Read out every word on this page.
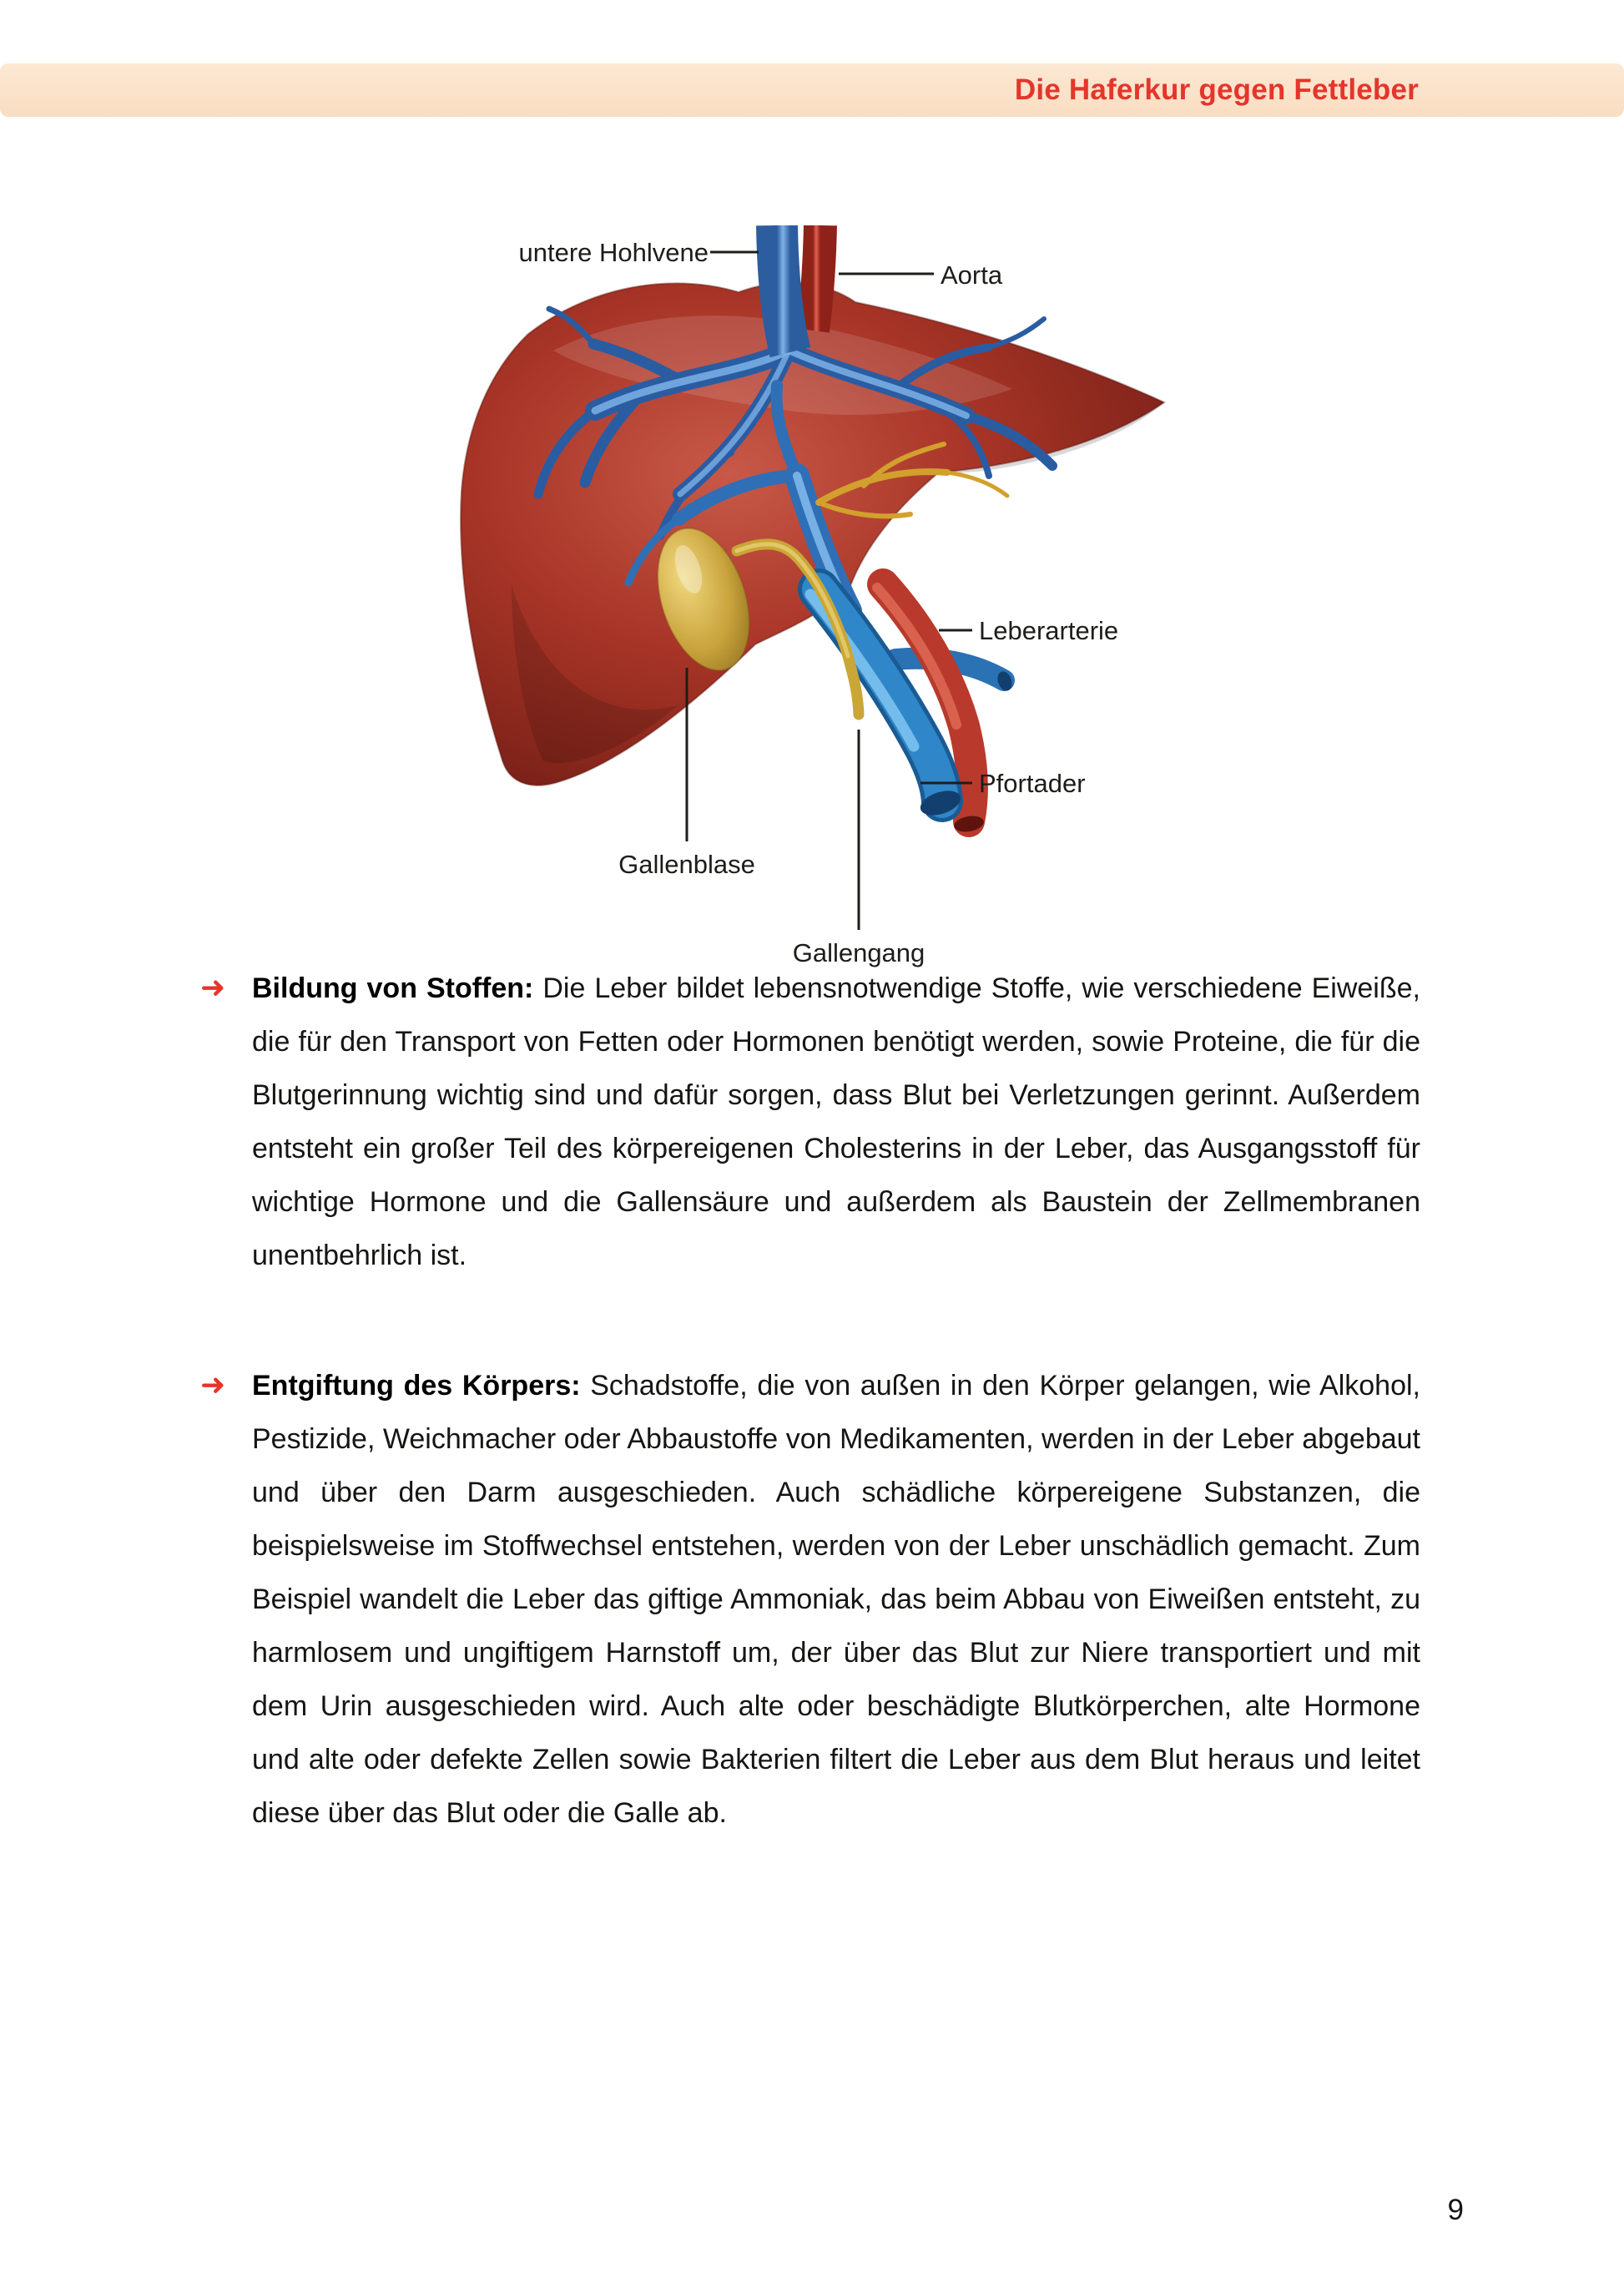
Die Haferkur gegen Fettleber
untere Hohlvene
Aorta
Leberarterie
Gallenblase
Pfortader
Gallengang
➜ Bildung von Stoffen: Die Leber bildet lebensnotwendige Stoffe, wie verschiedene Eiweiße, die für den Transport von Fetten oder Hormonen benötigt werden, sowie Proteine, die für die Blutgerinnung wichtig sind und dafür sorgen, dass Blut bei Verletzungen gerinnt. Außerdem entsteht ein großer Teil des körpereigenen Cholesterins in der Leber, das Ausgangsstoff für wichtige Hormone und die Gallensäure und außerdem als Baustein der Zellmembranen unentbehrlich ist.

➜ Entgiftung des Körpers: Schadstoffe, die von außen in den Körper gelangen, wie Alkohol, Pestizide, Weichmacher oder Abbaustoffe von Medikamenten, werden in der Leber abgebaut und über den Darm ausgeschieden. Auch schädliche körpereigene Substanzen, die beispielsweise im Stoffwechsel entstehen, werden von der Leber unschädlich gemacht. Zum Beispiel wandelt die Leber das giftige Ammoniak, das beim Abbau von Eiweißen entsteht, zu harmlosem und ungiftigem Harnstoff um, der über das Blut zur Niere transportiert und mit dem Urin ausgeschieden wird. Auch alte oder beschädigte Blutkörperchen, alte Hormone und alte oder defekte Zellen sowie Bakterien filtert die Leber aus dem Blut heraus und leitet diese über das Blut oder die Galle ab.

9
